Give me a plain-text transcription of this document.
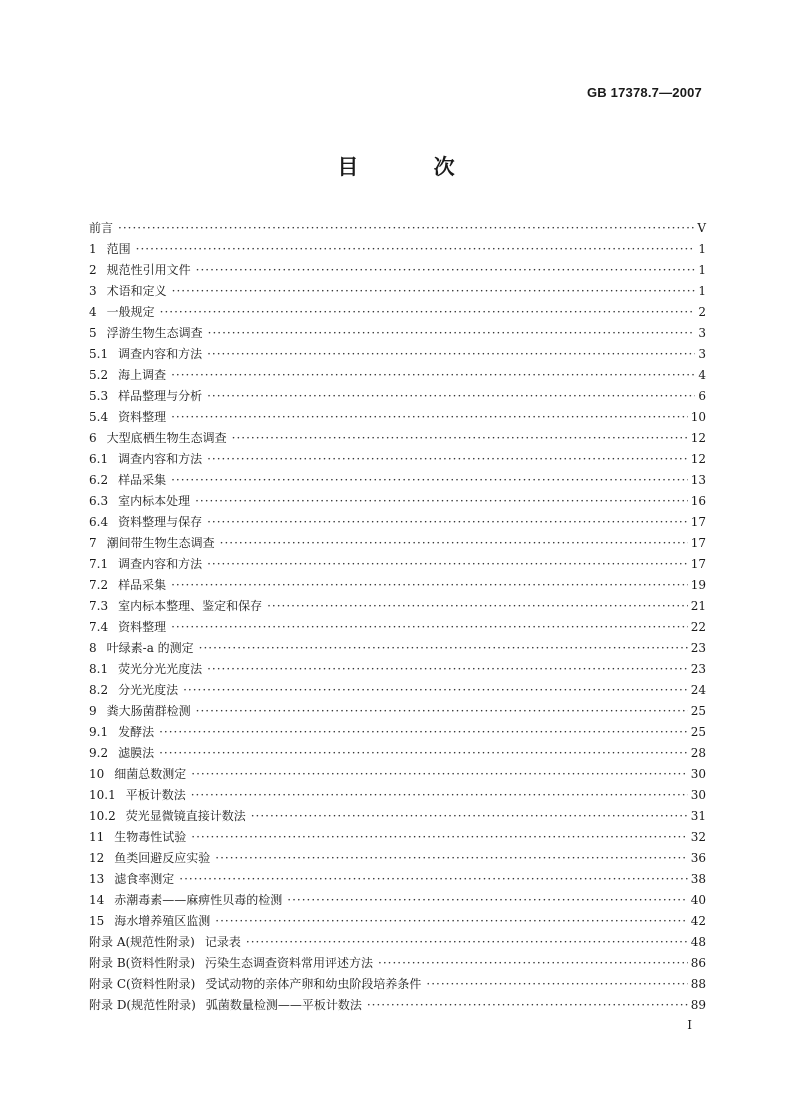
GB 17378.7—2007
目 次
前言 ·····	Ⅴ
1 范围 ·····	1
2 规范性引用文件 ·····	1
3 术语和定义 ·····	1
4 一般规定 ·····	2
5 浮游生物生态调查 ·····	3
5.1 调查内容和方法 ·····	3
5.2 海上调查 ·····	4
5.3 样品整理与分析 ·····	6
5.4 资料整理 ·····	10
6 大型底栖生物生态调查 ·····	12
6.1 调查内容和方法 ·····	12
6.2 样品采集 ·····	13
6.3 室内标本处理 ·····	16
6.4 资料整理与保存 ·····	17
7 潮间带生物生态调查 ·····	17
7.1 调查内容和方法 ·····	17
7.2 样品采集 ·····	19
7.3 室内标本整理、鉴定和保存 ·····	21
7.4 资料整理 ·····	22
8 叶绿素-a 的测定 ·····	23
8.1 荧光分光光度法 ·····	23
8.2 分光光度法 ·····	24
9 粪大肠菌群检测 ·····	25
9.1 发酵法 ·····	25
9.2 滤膜法 ·····	28
10 细菌总数测定 ·····	30
10.1 平板计数法 ·····	30
10.2 荧光显微镜直接计数法 ·····	31
11 生物毒性试验 ·····	32
12 鱼类回避反应实验 ·····	36
13 滤食率测定 ·····	38
14 赤潮毒素——麻痹性贝毒的检测 ·····	40
15 海水增养殖区监测 ·····	42
附录 A(规范性附录) 记录表 ·····	48
附录 B(资料性附录) 污染生态调查资料常用评述方法 ·····	86
附录 C(资料性附录) 受试动物的亲体产卵和幼虫阶段培养条件 ·····	88
附录 D(规范性附录) 弧菌数量检测——平板计数法 ·····	89
I
